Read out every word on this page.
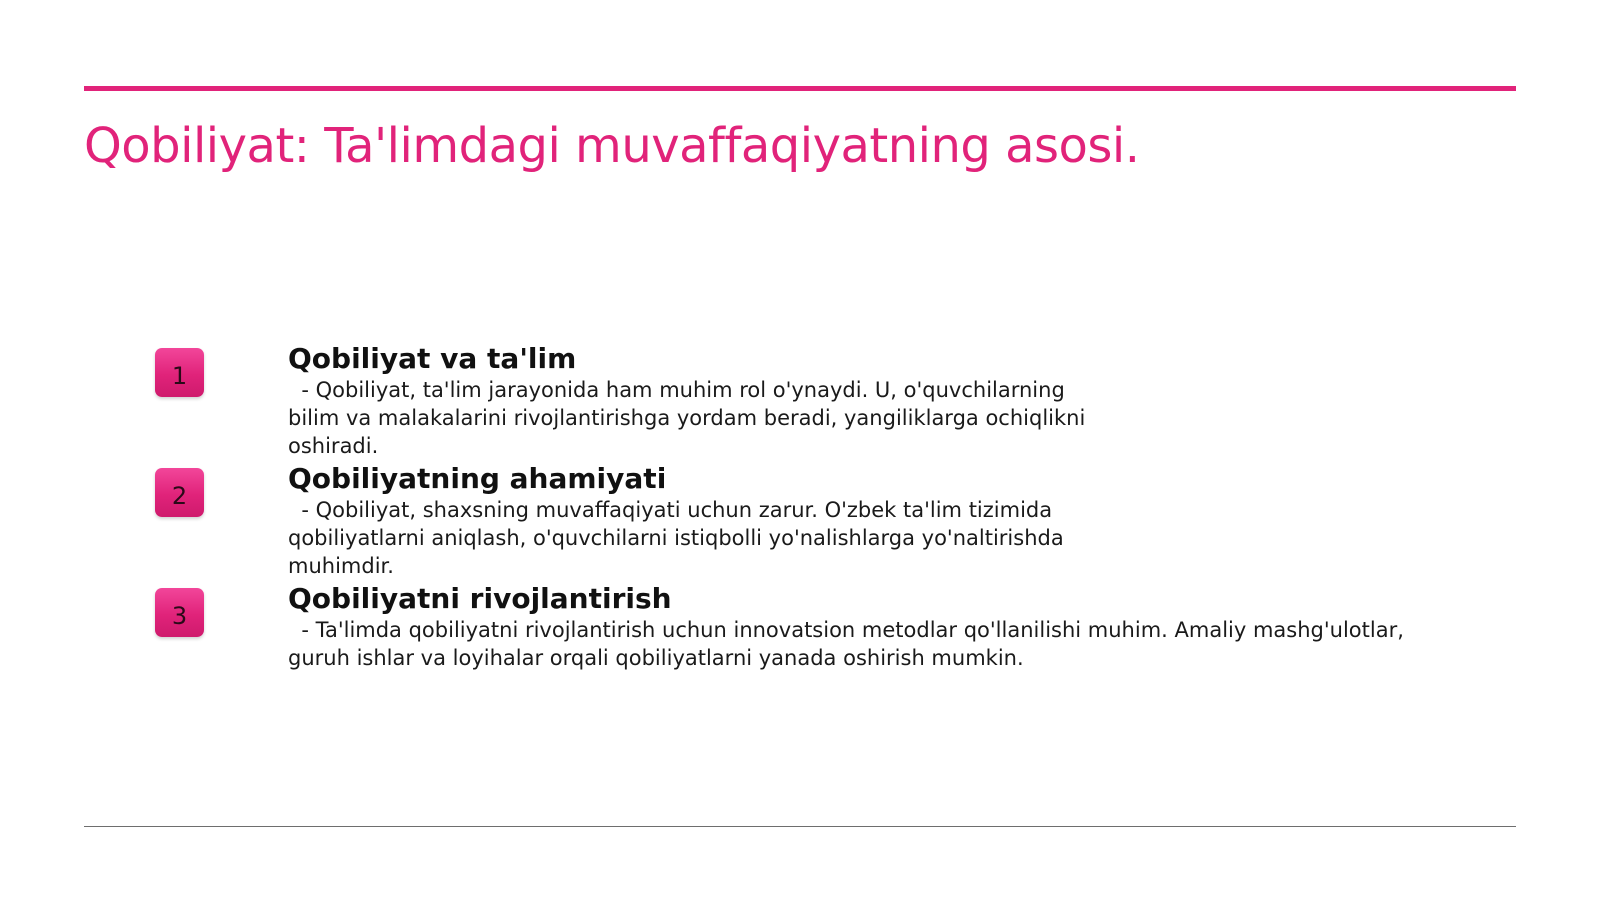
Qobiliyat: Ta'limdagi muvaffaqiyatning asosi.
1
Qobiliyat va ta'lim

- Qobiliyat, ta'lim jarayonida ham muhim rol o'ynaydi. U, o'quvchilarning bilim va malakalarini rivojlantirishga yordam beradi, yangiliklarga ochiqlikni oshiradi.

2
Qobiliyatning ahamiyati

- Qobiliyat, shaxsning muvaffaqiyati uchun zarur. O'zbek ta'lim tizimida qobiliyatlarni aniqlash, o'quvchilarni istiqbolli yo'nalishlarga yo'naltirishda muhimdir.

3
Qobiliyatni rivojlantirish

- Ta'limda qobiliyatni rivojlantirish uchun innovatsion metodlar qo'llanilishi muhim. Amaliy mashg'ulotlar, guruh ishlar va loyihalar orqali qobiliyatlarni yanada oshirish mumkin.
